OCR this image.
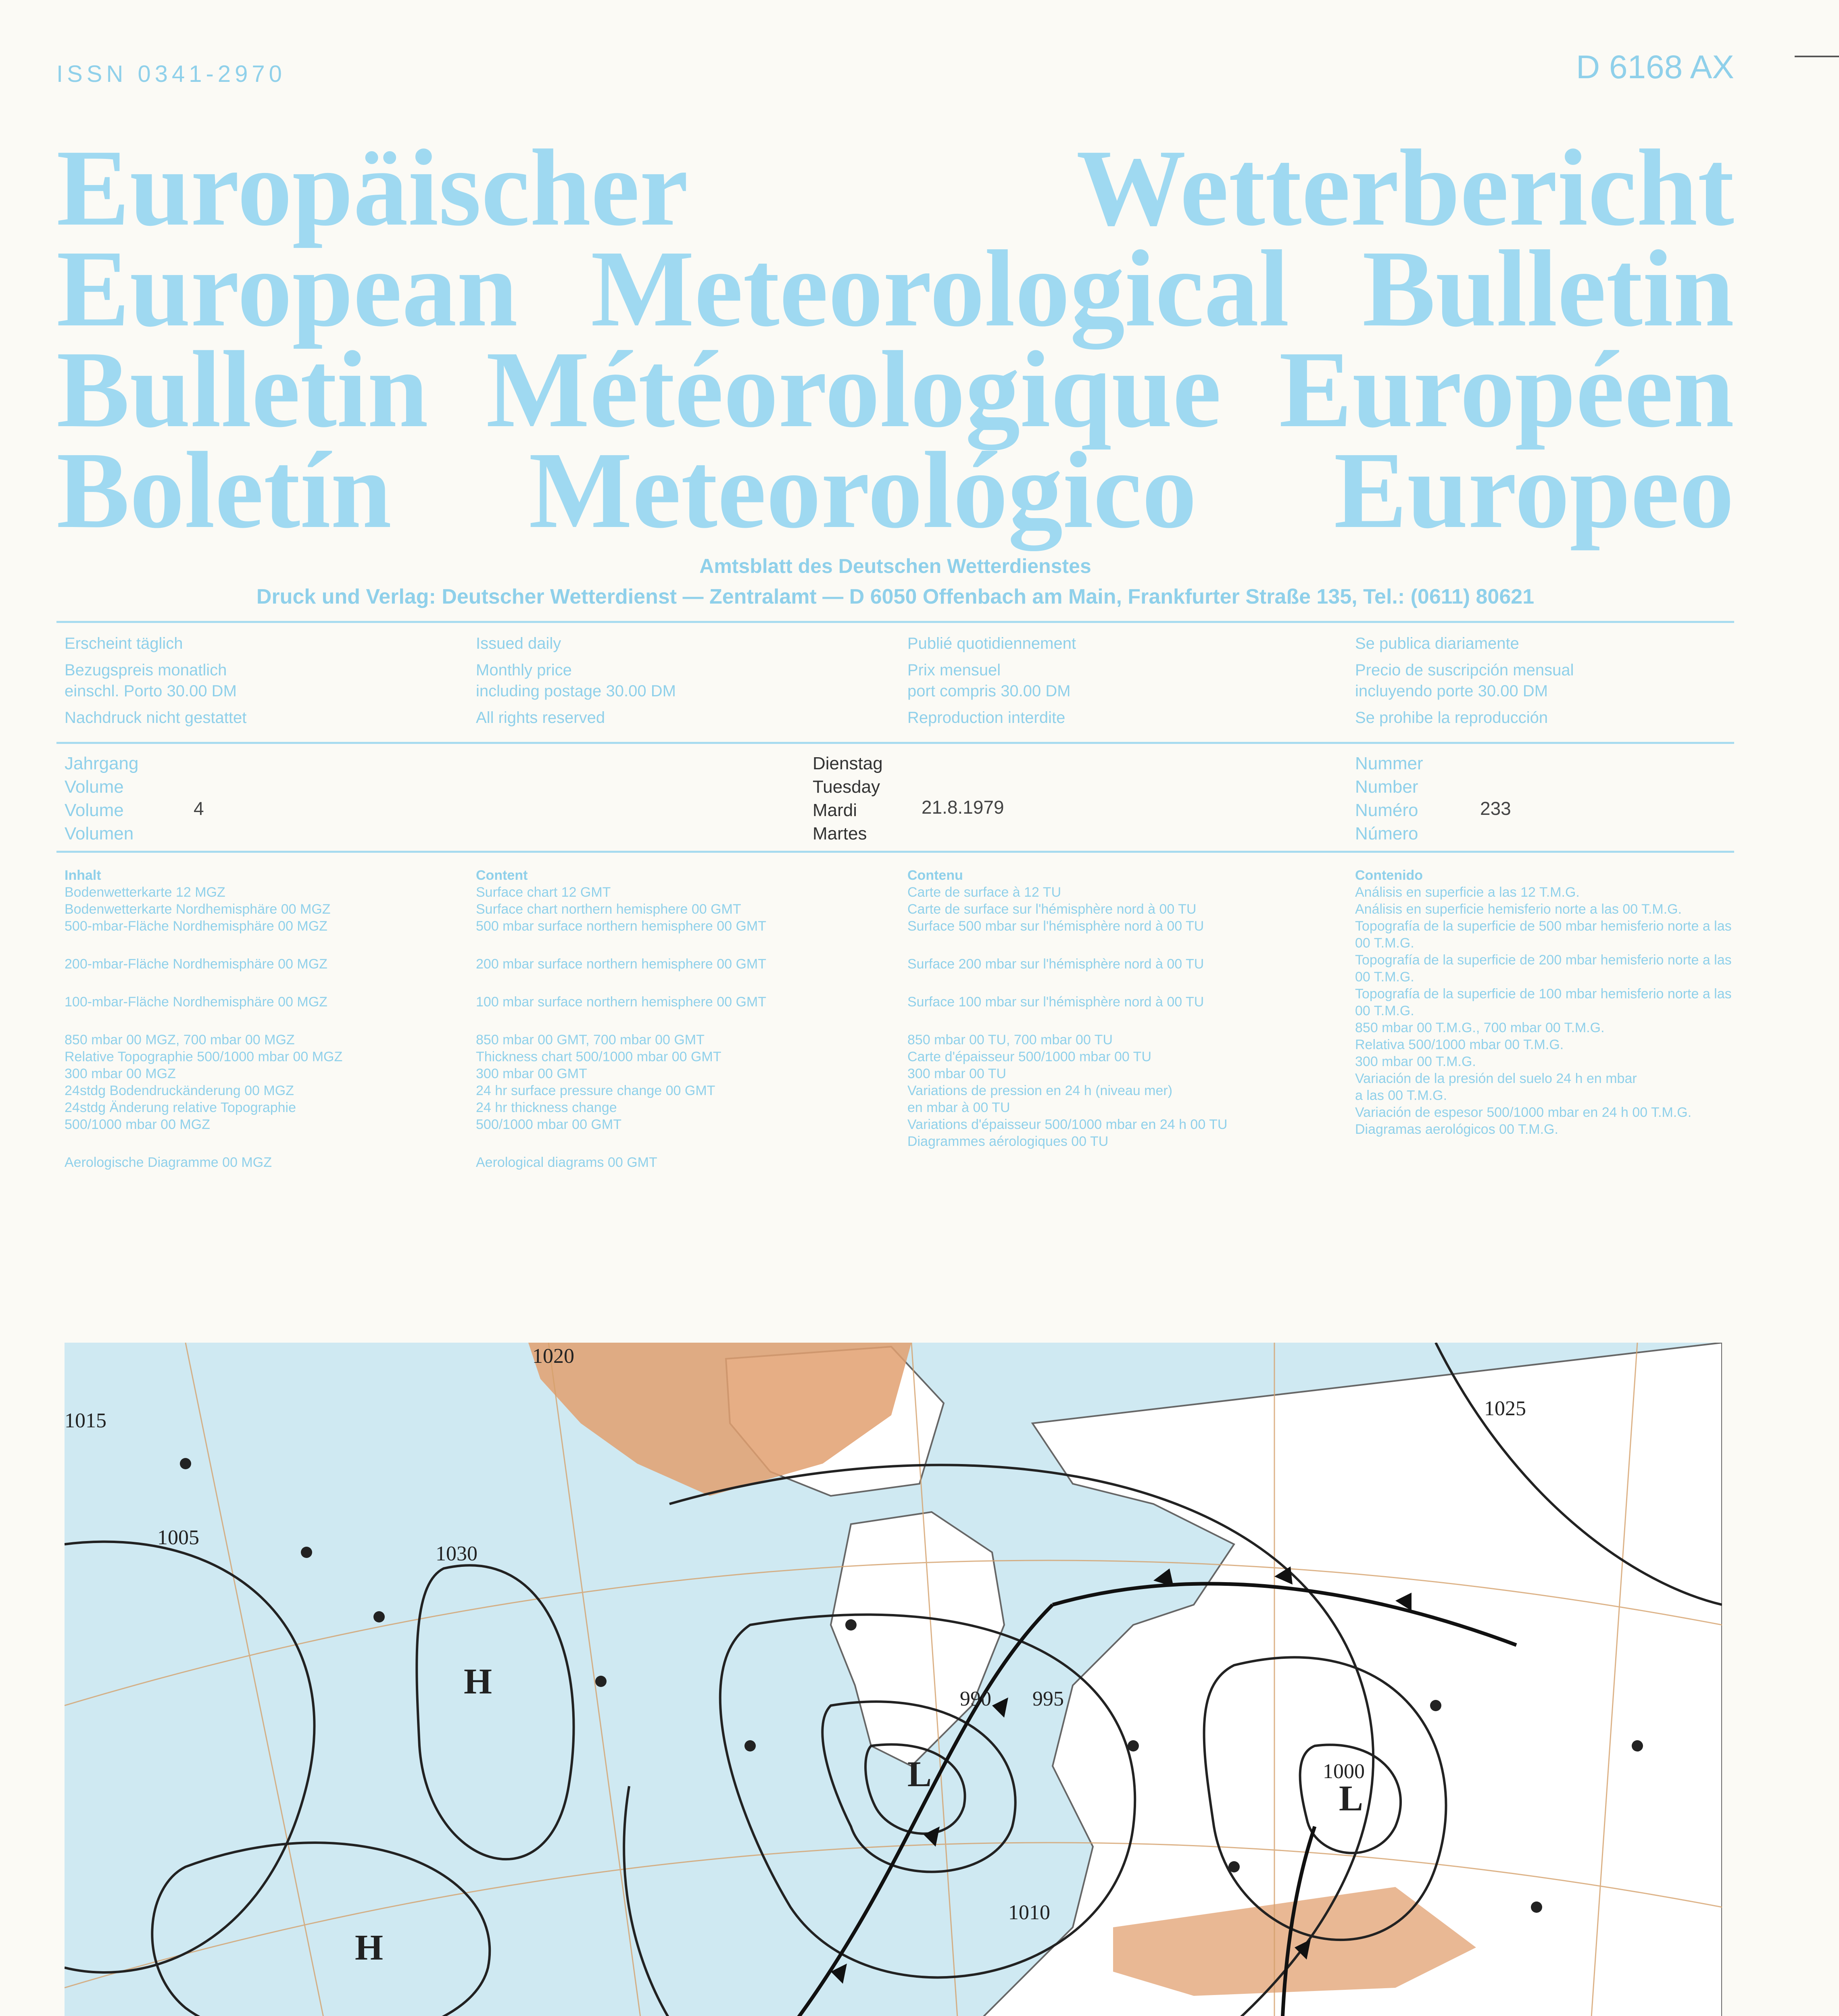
ISSN 0341-2970	D 6168 AX
Europäischer	Wetterbericht
European Meteorological Bulletin
Bulletin Météorologique Européen
Boletín Meteorológico Europeo
Amtsblatt des Deutschen Wetterdienstes
Druck und Verlag: Deutscher Wetterdienst — Zentralamt — D 6050 Offenbach am Main, Frankfurter Straße 135, Tel.: (0611) 80621
Erscheint täglich
Bezugspreis monatlich
einschl. Porto 30.00 DM
Nachdruck nicht gestattet
Issued daily
Monthly price
including postage 30.00 DM
All rights reserved
Publié quotidiennement
Prix mensuel
port compris 30.00 DM
Reproduction interdite
Se publica diariamente
Precio de suscripción mensual
incluyendo porte 30.00 DM
Se prohibe la reproducción
Jahrgang
Volume
Volume
Volumen
4
Dienstag
Tuesday
Mardi
Martes
21.8.1979
Nummer
Number
Numéro
Número
233
Inhalt
Bodenwetterkarte 12 MGZ
Bodenwetterkarte Nordhemisphäre 00 MGZ
500-mbar-Fläche Nordhemisphäre 00 MGZ
200-mbar-Fläche Nordhemisphäre 00 MGZ
100-mbar-Fläche Nordhemisphäre 00 MGZ
850 mbar 00 MGZ, 700 mbar 00 MGZ
Relative Topographie 500/1000 mbar 00 MGZ
300 mbar 00 MGZ
24stdg Bodendruckänderung 00 MGZ
24stdg Änderung relative Topographie
500/1000 mbar 00 MGZ
Aerologische Diagramme 00 MGZ
Content
Surface chart 12 GMT
Surface chart northern hemisphere 00 GMT
500 mbar surface northern hemisphere 00 GMT
200 mbar surface northern hemisphere 00 GMT
100 mbar surface northern hemisphere 00 GMT
850 mbar 00 GMT, 700 mbar 00 GMT
Thickness chart 500/1000 mbar 00 GMT
300 mbar 00 GMT
24 hr surface pressure change 00 GMT
24 hr thickness change
500/1000 mbar 00 GMT
Aerological diagrams 00 GMT
Contenu
Carte de surface à 12 TU
Carte de surface sur l'hémisphère nord à 00 TU
Surface 500 mbar sur l'hémisphère nord à 00 TU
Surface 200 mbar sur l'hémisphère nord à 00 TU
Surface 100 mbar sur l'hémisphère nord à 00 TU
850 mbar 00 TU, 700 mbar 00 TU
Carte d'épaisseur 500/1000 mbar 00 TU
300 mbar 00 TU
Variations de pression en 24 h (niveau mer)
en mbar à 00 TU
Variations d'épaisseur 500/1000 mbar en 24 h 00 TU
Diagrammes aérologiques 00 TU
Contenido
Análisis en superficie a las 12 T.M.G.
Análisis en superficie hemisferio norte a las 00 T.M.G.
Topografía de la superficie de 500 mbar hemisferio norte a las 00 T.M.G.
Topografía de la superficie de 200 mbar hemisferio norte a las 00 T.M.G.
Topografía de la superficie de 100 mbar hemisferio norte a las 00 T.M.G.
850 mbar 00 T.M.G., 700 mbar 00 T.M.G.
Relativa 500/1000 mbar 00 T.M.G.
300 mbar 00 T.M.G.
Variación de la presión del suelo 24 h en mbar
a las 00 T.M.G.
Variación de espesor 500/1000 mbar en 24 h 00 T.M.G.
Diagramas aerológicos 00 T.M.G.
1020
1015
1010
1005
1030
1000
995
990
1025
H
H
L
L
